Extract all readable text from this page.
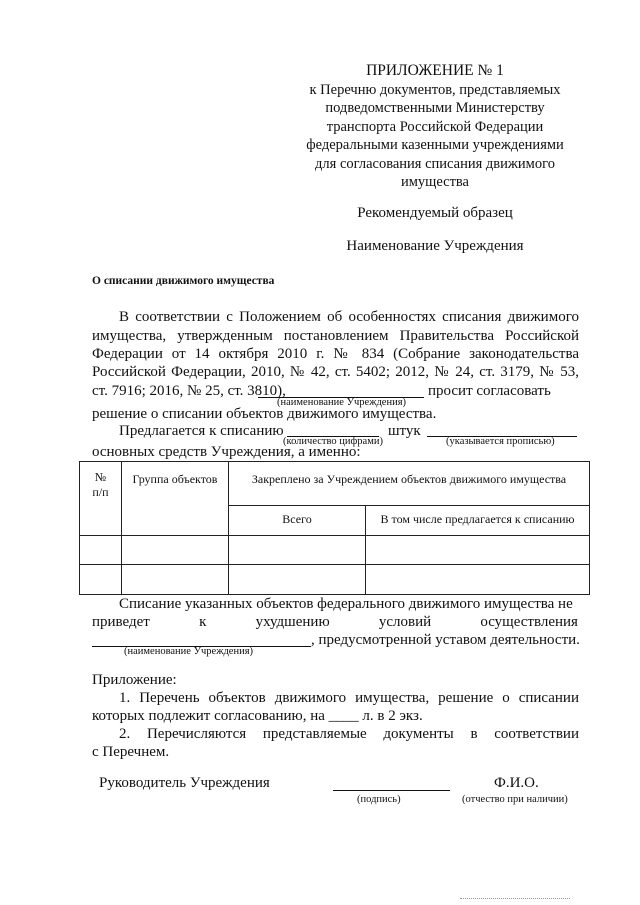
ПРИЛОЖЕНИЕ № 1
к Перечню документов, представляемых
подведомственными Министерству
транспорта Российской Федерации
федеральными казенными учреждениями
для согласования списания движимого
имущества
Рекомендуемый образец
Наименование Учреждения
О списании движимого имущества
В соответствии с Положением об особенностях списания движимого
имущества, утвержденным постановлением Правительства Российской
Федерации от 14 октября 2010 г. № 834 (Собрание законодательства
Российской Федерации, 2010, № 42, ст. 5402; 2012, № 24, ст. 3179, № 53,
ст. 7916; 2016, № 25, ст. 3810),	просит согласовать
(наименование Учреждения)
решение о списании объектов движимого имущества.
Предлагается к списанию	штук
(количество цифрами)	(указывается прописью)
основных средств Учреждения, а именно:
№ п/п	Группа объектов	Закреплено за Учреждением объектов движимого имущества	

		Всего	В том числе предлагается к списанию

Списание указанных объектов федерального движимого имущества не
приведет	к	ухудшению	условий	осуществления
, предусмотренной уставом деятельности.
(наименование Учреждения)
Приложение:
1. Перечень объектов движимого имущества, решение о списании
которых подлежит согласованию, на ____ л. в 2 экз.
2. Перечисляются представляемые документы в соответствии
с Перечнем.
Руководитель Учреждения	Ф.И.О.
(подпись)	(отчество при наличии)
